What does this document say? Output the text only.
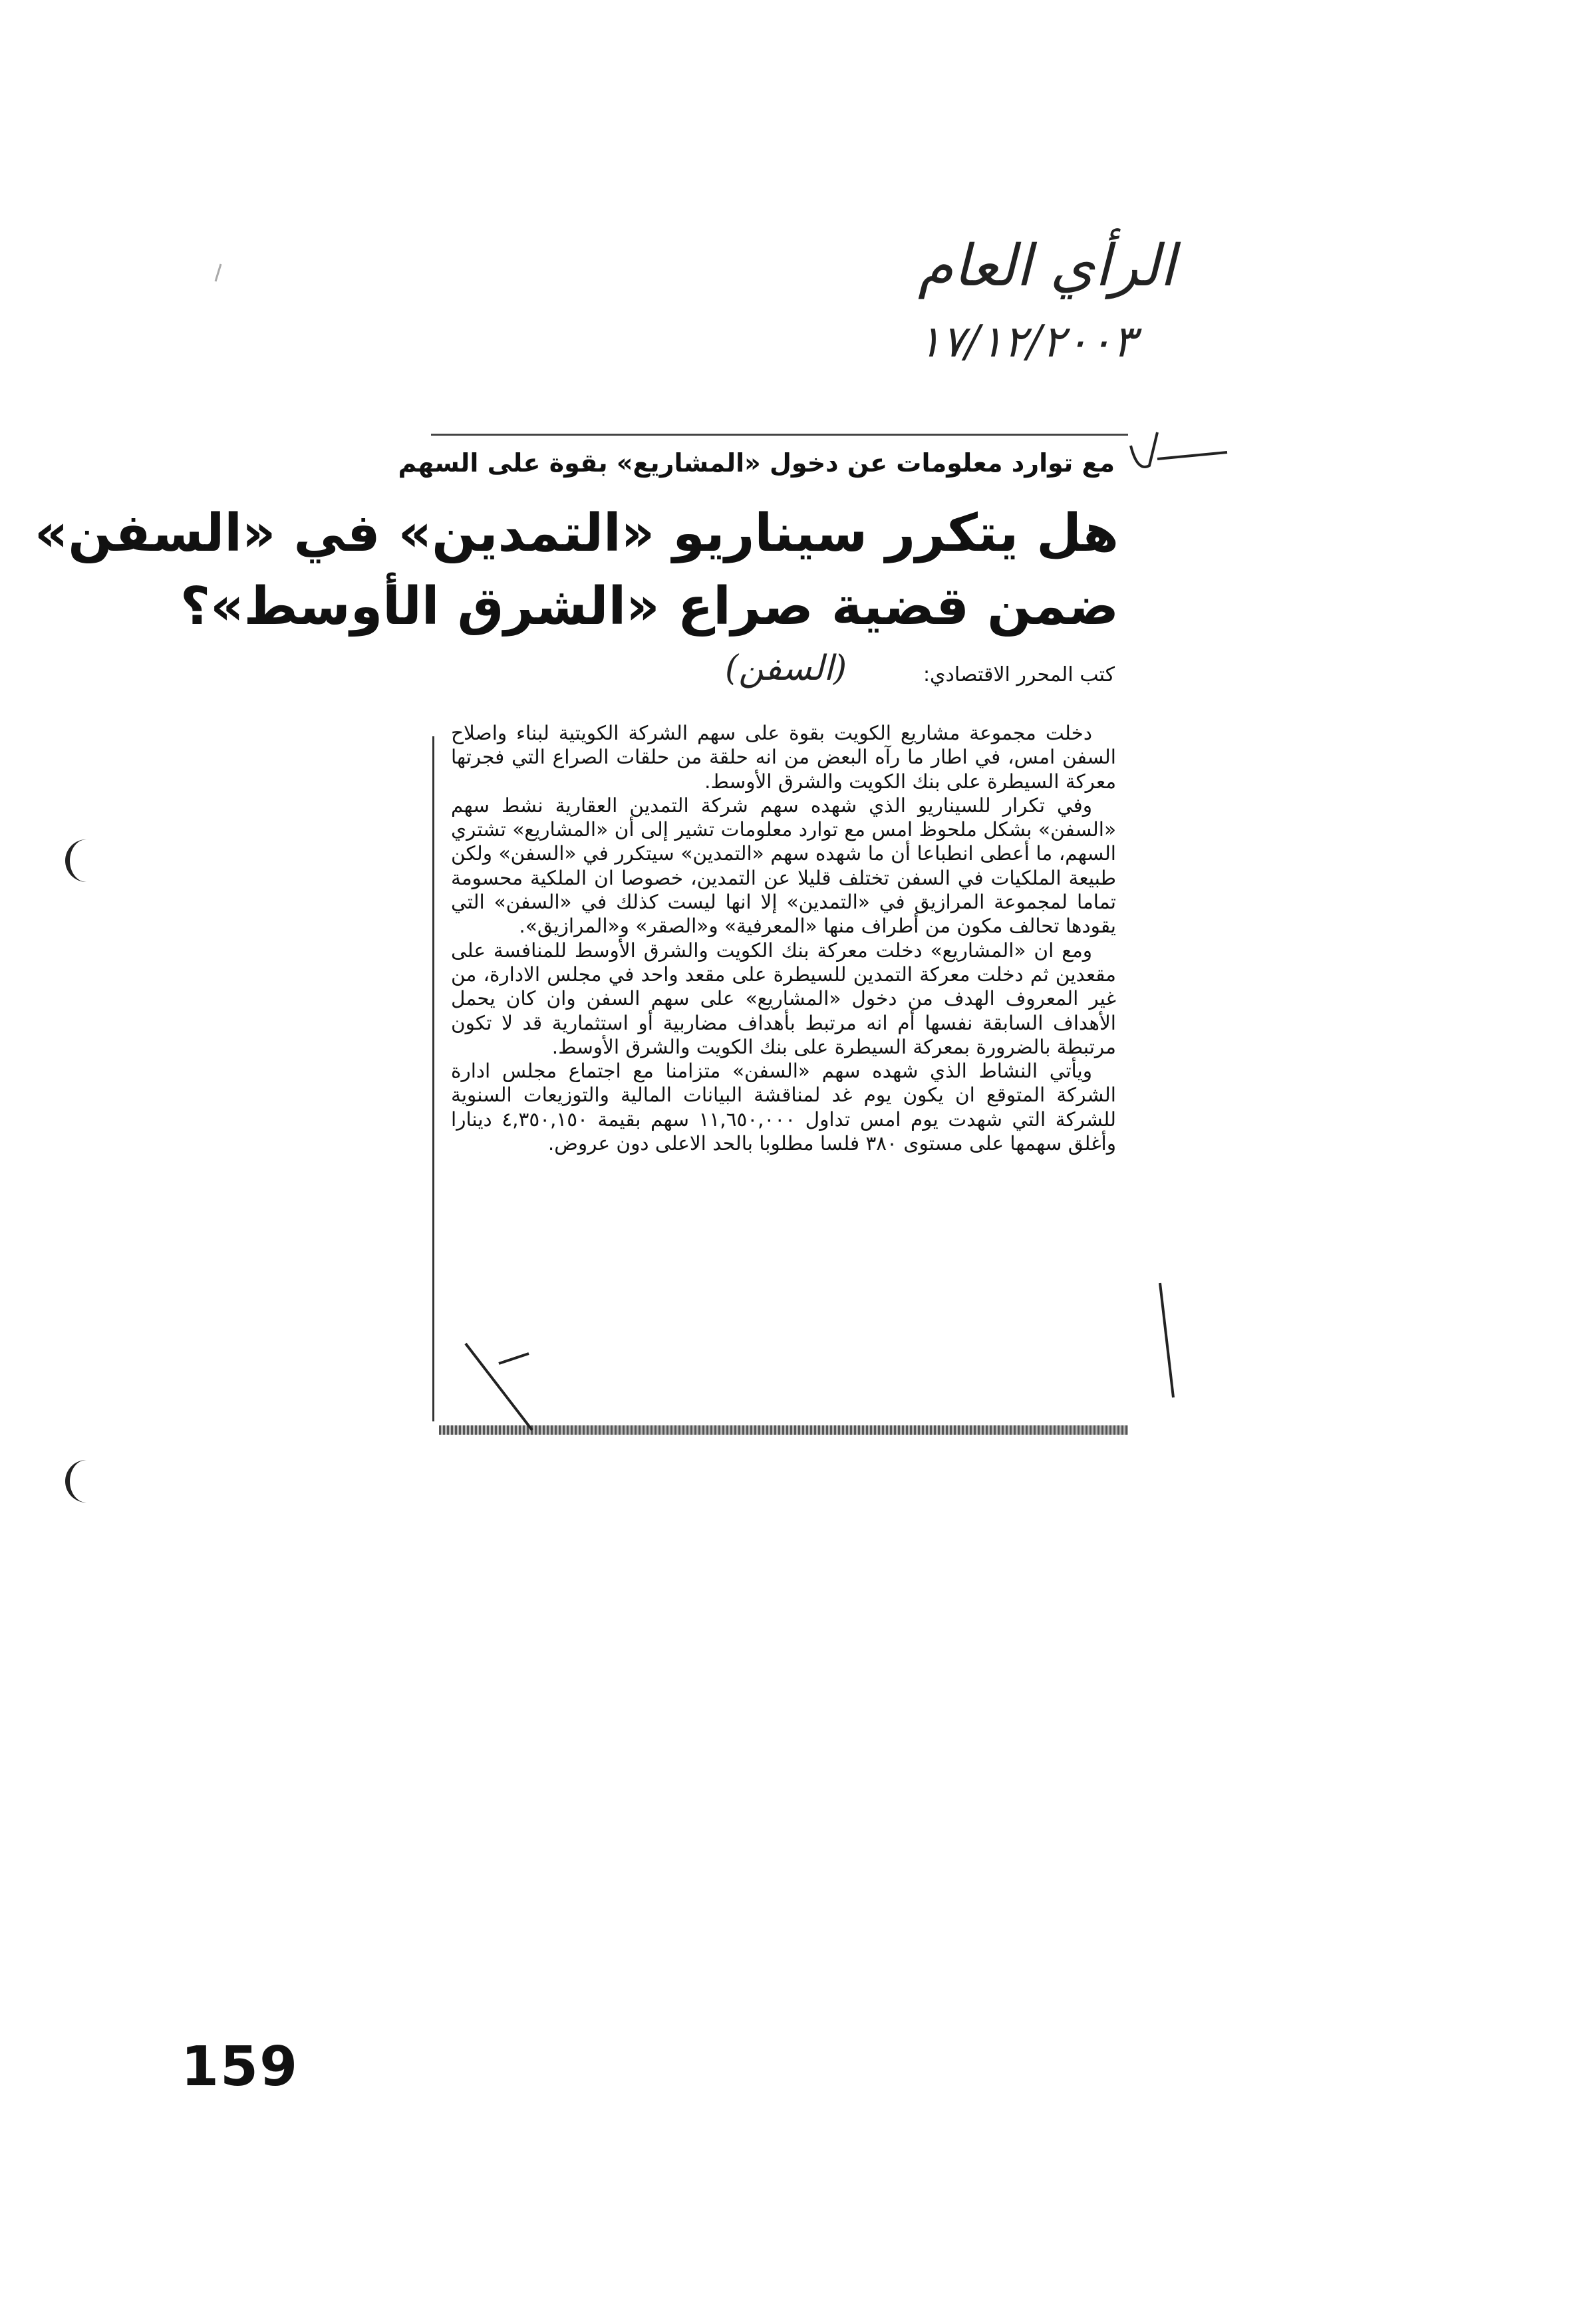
الرأي العام
١٧/١٢/٢٠٠٣
مع توارد معلومات عن دخول «المشاريع» بقوة على السهم
هل يتكرر سيناريو «التمدين» في «السفن»
ضمن قضية صراع «الشرق الأوسط»؟
كتب المحرر الاقتصادي:

دخلت مجموعة مشاريع الكويت بقوة على سهم الشركة الكويتية لبناء واصلاح السفن امس، في اطار ما رآه البعض من انه حلقة من حلقات الصراع التي فجرتها معركة السيطرة على بنك الكويت والشرق الأوسط.

وفي تكرار للسيناريو الذي شهده سهم شركة التمدين العقارية نشط سهم «السفن» بشكل ملحوظ امس مع توارد معلومات تشير إلى أن «المشاريع» تشتري السهم، ما أعطى انطباعا أن ما شهده سهم «التمدين» سيتكرر في «السفن» ولكن طبيعة الملكيات في السفن تختلف قليلا عن التمدين، خصوصا ان الملكية محسومة تماما لمجموعة المرازيق في «التمدين» إلا انها ليست كذلك في «السفن» التي يقودها تحالف مكون من أطراف منها «المعرفية» و«الصقر» و«المرازيق».

ومع ان «المشاريع» دخلت معركة بنك الكويت والشرق الأوسط للمنافسة على مقعدين ثم دخلت معركة التمدين للسيطرة على مقعد واحد في مجلس الادارة، من غير المعروف الهدف من دخول «المشاريع» على سهم السفن وان كان يحمل الأهداف السابقة نفسها أم انه مرتبط بأهداف مضاربية أو استثمارية قد لا تكون مرتبطة بالضرورة بمعركة السيطرة على بنك الكويت والشرق الأوسط.

ويأتي النشاط الذي شهده سهم «السفن» متزامنا مع اجتماع مجلس ادارة الشركة المتوقع ان يكون يوم غد لمناقشة البيانات المالية والتوزيعات السنوية للشركة التي شهدت يوم امس تداول ١١,٦٥٠,٠٠٠ سهم بقيمة ٤,٣٥٠,١٥٠ دينارا وأغلق سهمها على مستوى ٣٨٠ فلسا مطلوبا بالحد الاعلى دون عروض.

(السفن)
159
